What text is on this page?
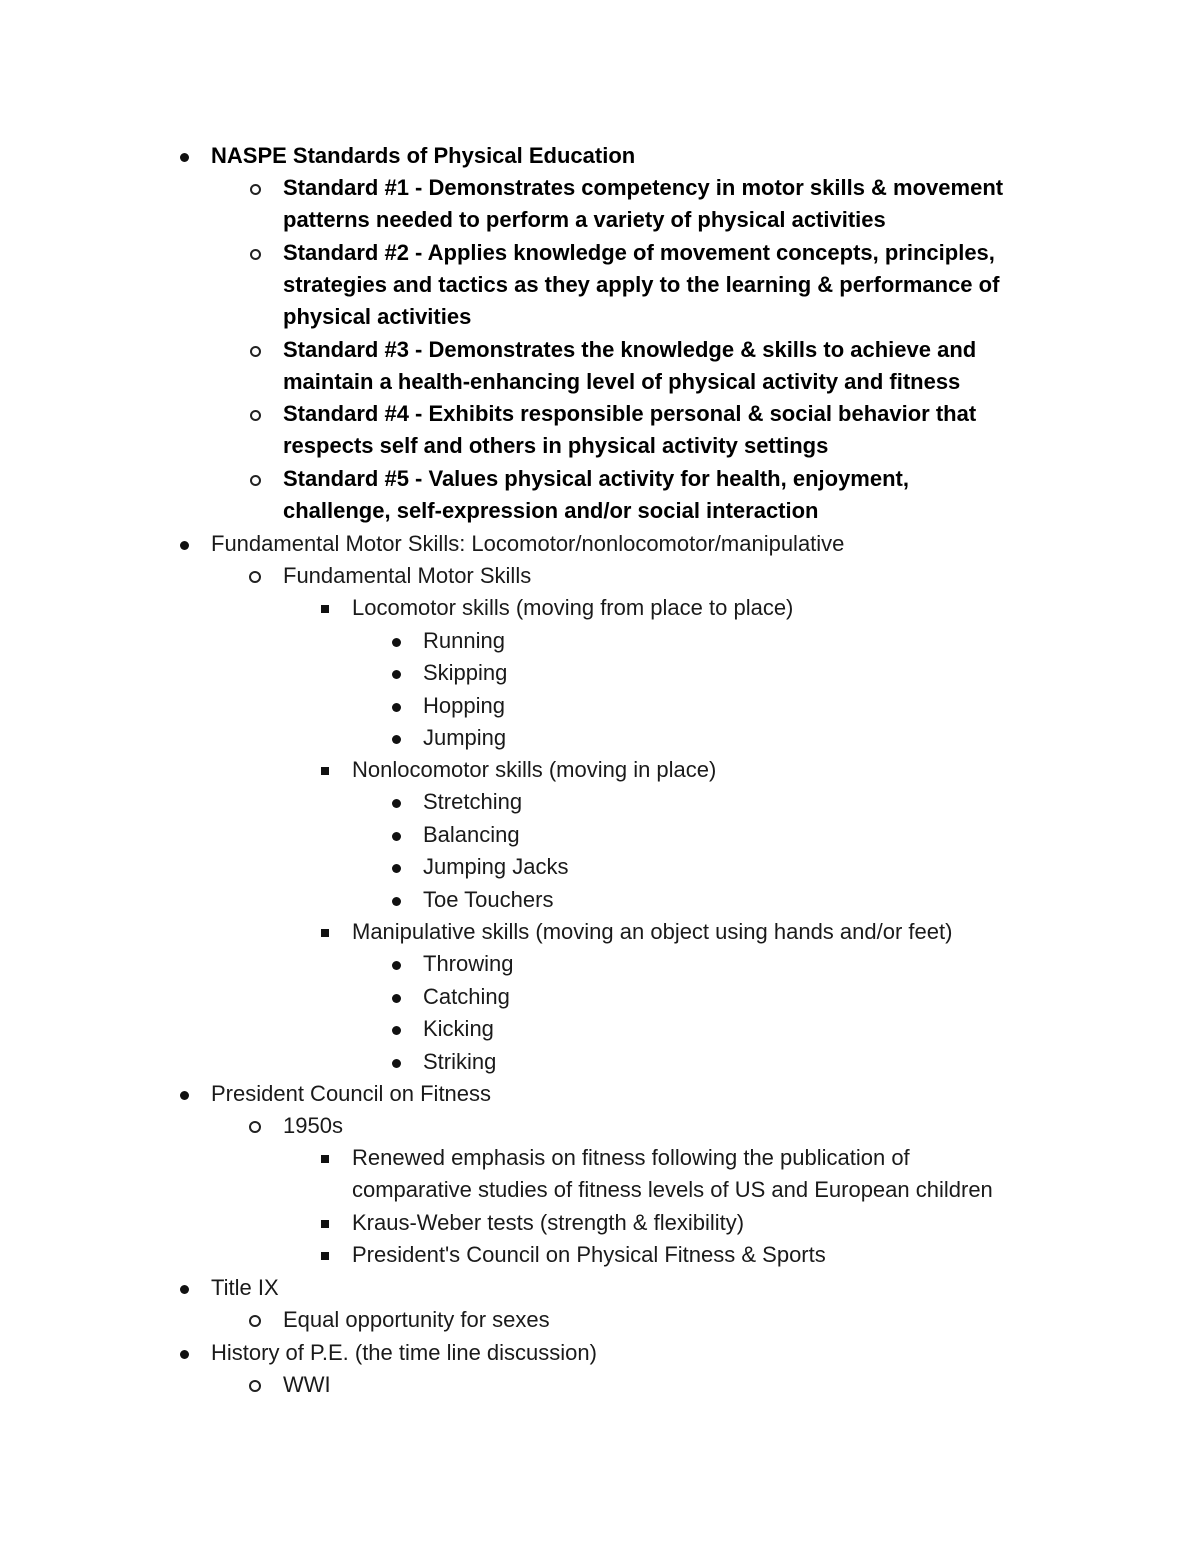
NASPE Standards of Physical Education
Standard #1 - Demonstrates competency in motor skills & movement
patterns needed to perform a variety of physical activities
Standard #2 - Applies knowledge of movement concepts, principles,
strategies and tactics as they apply to the learning & performance of
physical activities
Standard #3 - Demonstrates the knowledge & skills to achieve and
maintain a health-enhancing level of physical activity and fitness
Standard #4 - Exhibits responsible personal & social behavior that
respects self and others in physical activity settings
Standard #5 - Values physical activity for health, enjoyment,
challenge, self-expression and/or social interaction
Fundamental Motor Skills: Locomotor/nonlocomotor/manipulative
Fundamental Motor Skills
Locomotor skills (moving from place to place)
Running
Skipping
Hopping
Jumping
Nonlocomotor skills (moving in place)
Stretching
Balancing
Jumping Jacks
Toe Touchers
Manipulative skills (moving an object using hands and/or feet)
Throwing
Catching
Kicking
Striking
President Council on Fitness
1950s
Renewed emphasis on fitness following the publication of
comparative studies of fitness levels of US and European children
Kraus-Weber tests (strength & flexibility)
President's Council on Physical Fitness & Sports
Title IX
Equal opportunity for sexes
History of P.E. (the time line discussion)
WWI
